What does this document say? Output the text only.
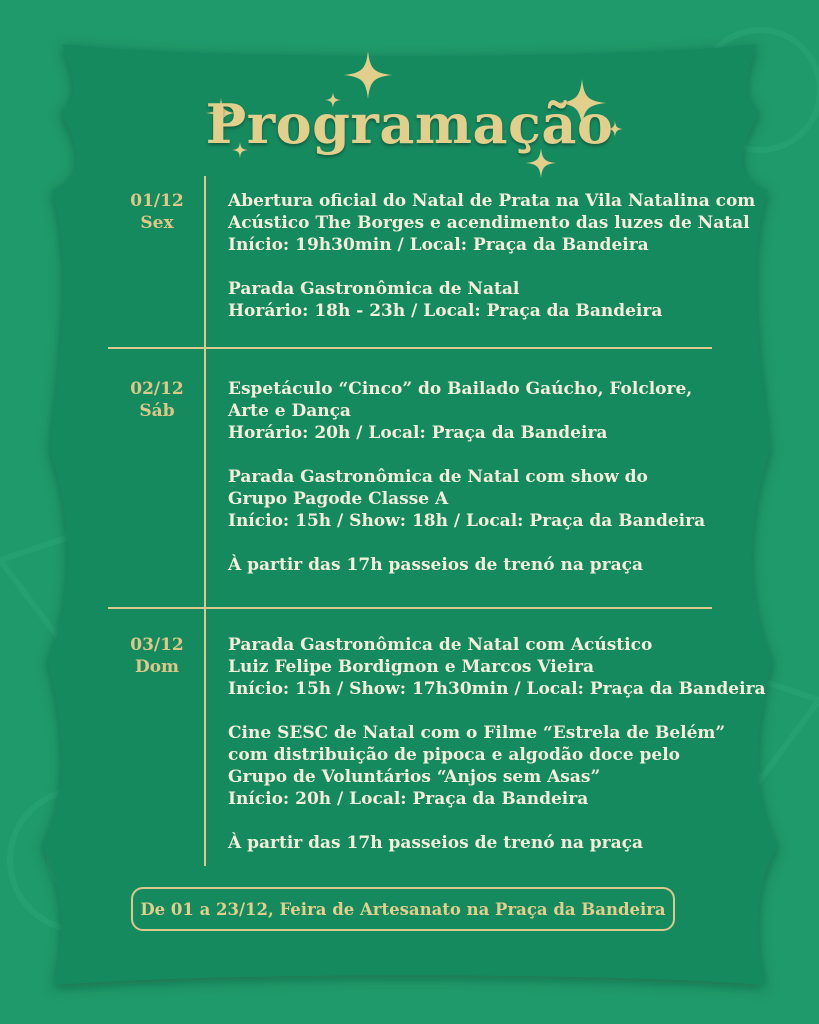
Programação
01/12
Sex
Abertura oficial do Natal de Prata na Vila Natalina com
Acústico The Borges e acendimento das luzes de Natal
Início: 19h30min / Local: Praça da Bandeira
Parada Gastronômica de Natal
Horário: 18h - 23h / Local: Praça da Bandeira
02/12
Sáb
Espetáculo “Cinco” do Bailado Gaúcho, Folclore,
Arte e Dança
Horário: 20h / Local: Praça da Bandeira
Parada Gastronômica de Natal com show do
Grupo Pagode Classe A
Início: 15h / Show: 18h / Local: Praça da Bandeira
À partir das 17h passeios de trenó na praça
03/12
Dom
Parada Gastronômica de Natal com Acústico
Luiz Felipe Bordignon e Marcos Vieira
Início: 15h / Show: 17h30min / Local: Praça da Bandeira
Cine SESC de Natal com o Filme “Estrela de Belém”
com distribuição de pipoca e algodão doce pelo
Grupo de Voluntários “Anjos sem Asas”
Início: 20h / Local: Praça da Bandeira
À partir das 17h passeios de trenó na praça
De 01 a 23/12, Feira de Artesanato na Praça da Bandeira
